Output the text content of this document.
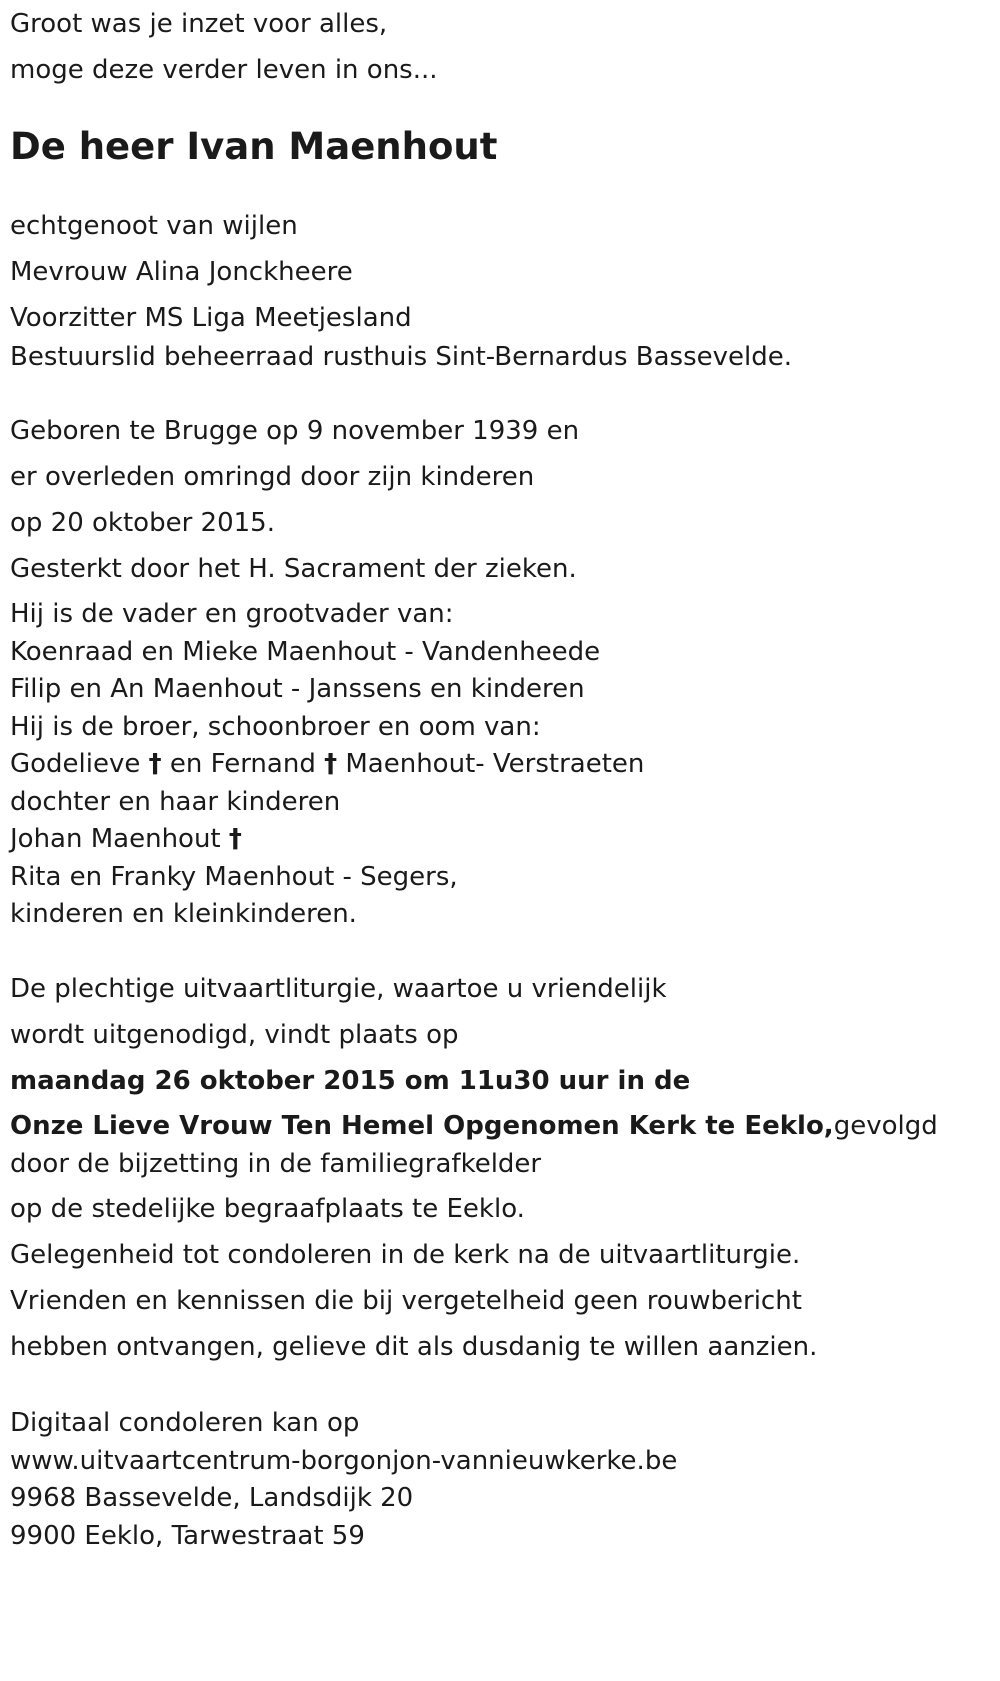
Groot was je inzet voor alles,
moge deze verder leven in ons...
De heer Ivan Maenhout
echtgenoot van wijlen
Mevrouw Alina Jonckheere
Voorzitter MS Liga Meetjesland
Bestuurslid beheerraad rusthuis Sint-Bernardus Bassevelde.
Geboren te Brugge op 9 november 1939 en
er overleden omringd door zijn kinderen
op 20 oktober 2015.
Gesterkt door het H. Sacrament der zieken.
Hij is de vader en grootvader van:
Koenraad en Mieke Maenhout - Vandenheede
Filip en An Maenhout - Janssens en kinderen
Hij is de broer, schoonbroer en oom van:
Godelieve † en Fernand † Maenhout- Verstraeten
dochter en haar kinderen
Johan Maenhout †
Rita en Franky Maenhout - Segers,
kinderen en kleinkinderen.
De plechtige uitvaartliturgie, waartoe u vriendelijk
wordt uitgenodigd, vindt plaats op
maandag 26 oktober 2015 om 11u30 uur in de
Onze Lieve Vrouw Ten Hemel Opgenomen Kerk te Eeklo,gevolgd door de bijzetting in de familiegrafkelder
op de stedelijke begraafplaats te Eeklo.
Gelegenheid tot condoleren in de kerk na de uitvaartliturgie.
Vrienden en kennissen die bij vergetelheid geen rouwbericht
hebben ontvangen, gelieve dit als dusdanig te willen aanzien.
Digitaal condoleren kan op
www.uitvaartcentrum-borgonjon-vannieuwkerke.be
9968 Bassevelde, Landsdijk 20
9900 Eeklo, Tarwestraat 59
